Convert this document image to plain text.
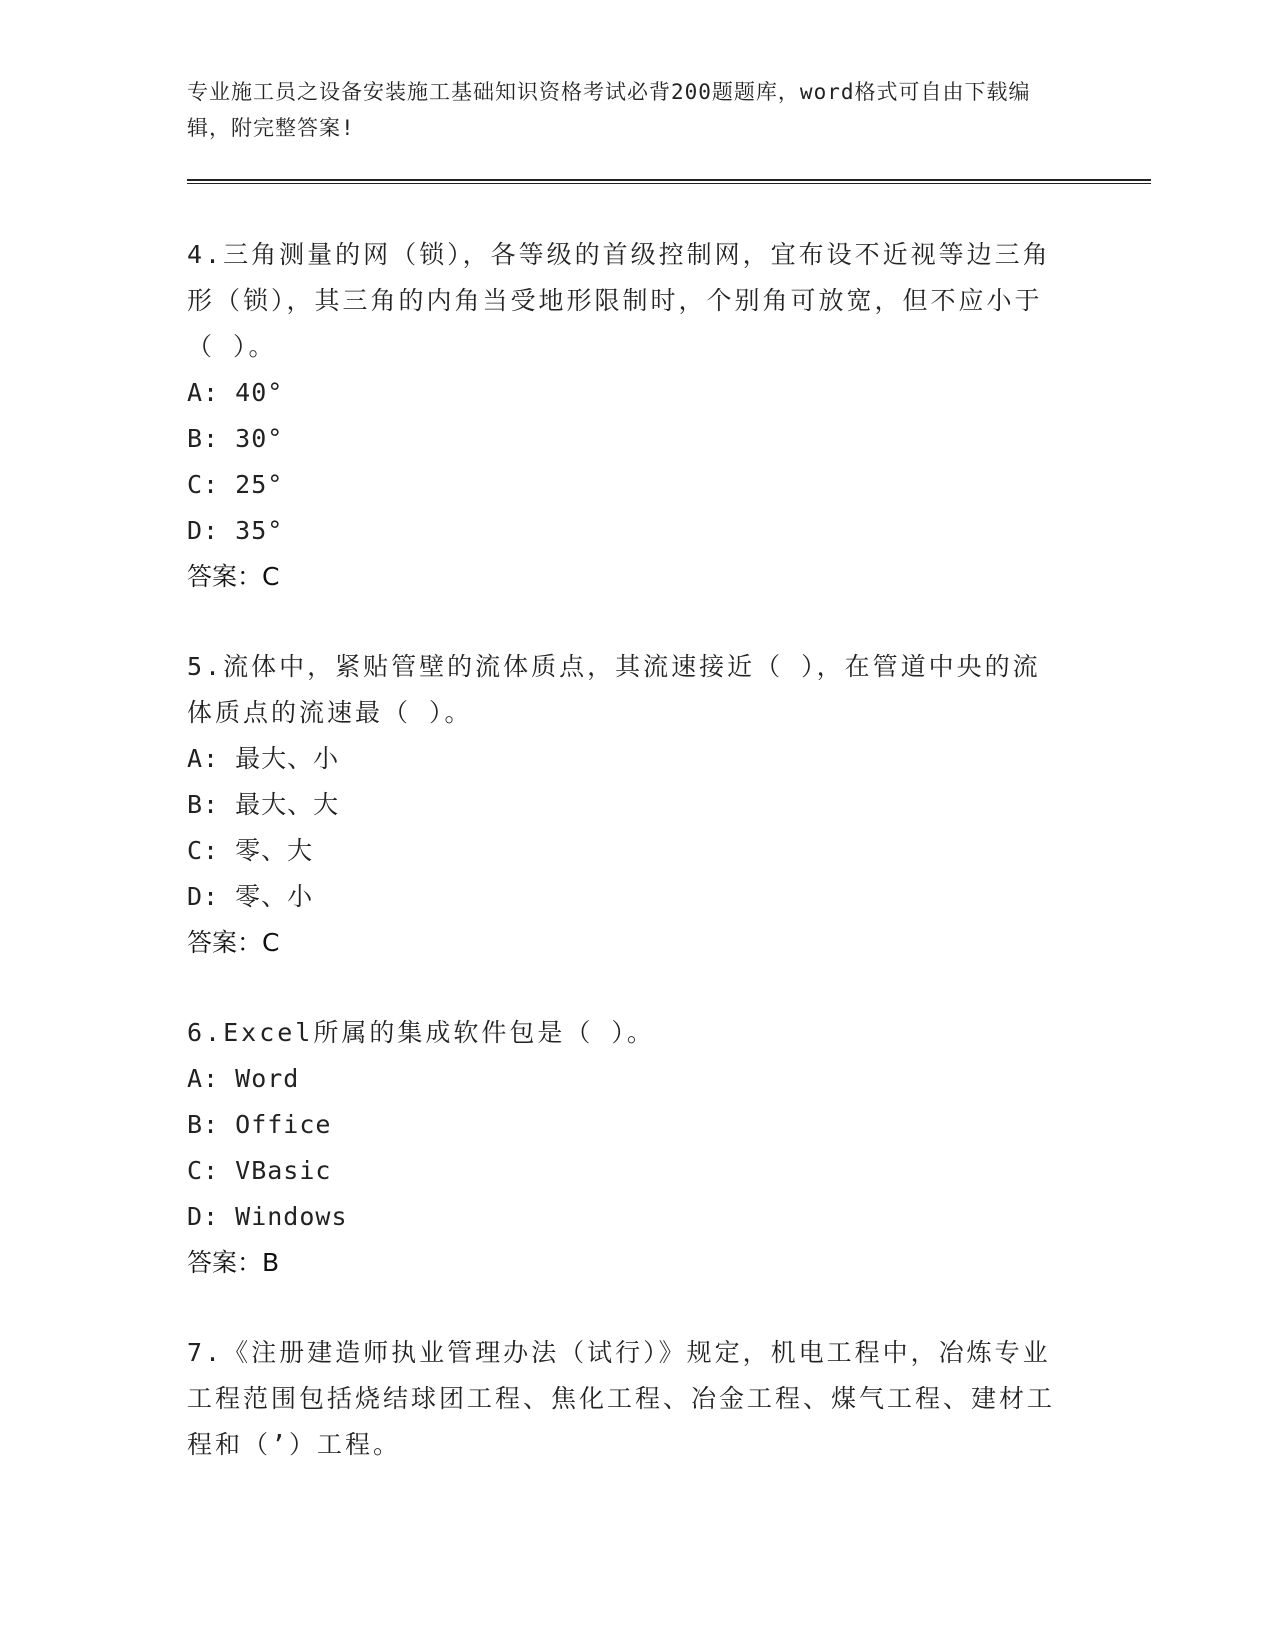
专业施工员之设备安装施工基础知识资格考试必背200题题库，word格式可自由下载编辑，附完整答案!
4.三角测量的网（锁），各等级的首级控制网，宜布设不近视等边三角形（锁），其三角的内角当受地形限制时，个别角可放宽，但不应小于（ ）。
A: 40°
B: 30°
C: 25°
D: 35°
答案：C
5.流体中，紧贴管壁的流体质点，其流速接近（ ），在管道中央的流体质点的流速最（ ）。
A: 最大、小
B: 最大、大
C: 零、大
D: 零、小
答案：C
6.Excel所属的集成软件包是（ ）。
A: Word
B: Office
C: VBasic
D: Windows
答案：B
7.《注册建造师执业管理办法（试行）》规定，机电工程中，冶炼专业工程范围包括烧结球团工程、焦化工程、冶金工程、煤气工程、建材工程和（’）工程。
